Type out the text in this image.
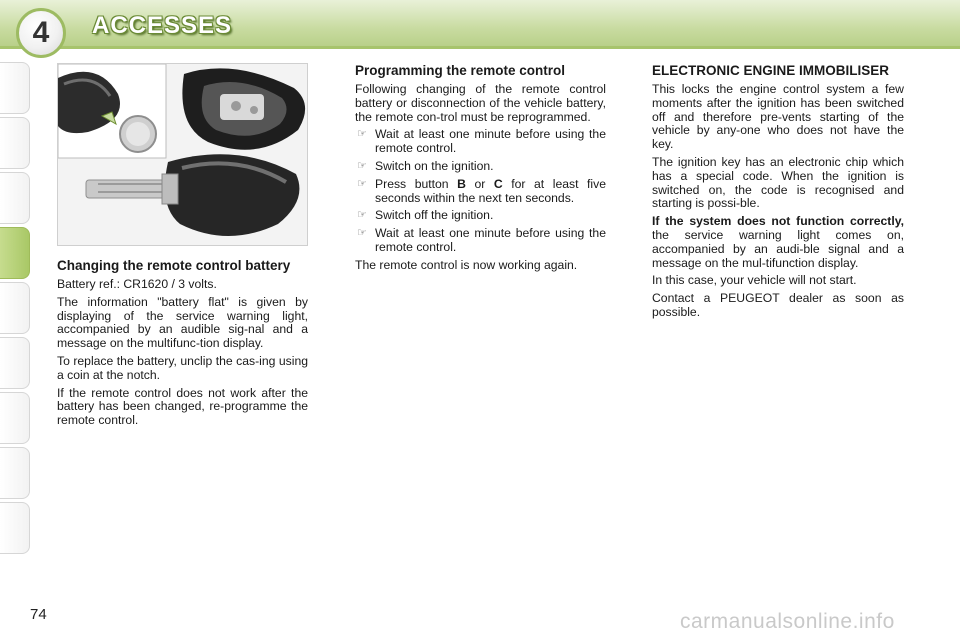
4	ACCESSES
Changing the remote control battery

Battery ref.: CR1620 / 3 volts.

The information "battery flat" is given by displaying of the service warning light, accompanied by an audible sig-nal and a message on the multifunc-tion display.

To replace the battery, unclip the cas-ing using a coin at the notch.

If the remote control does not work after the battery has been changed, re-programme the remote control.

Programming the remote control

Following changing of the remote control battery or disconnection of the vehicle battery, the remote con-trol must be reprogrammed.

☞ Wait at least one minute before using the remote control.
☞ Switch on the ignition.
☞ Press button B or C for at least five seconds within the next ten seconds.
☞ Switch off the ignition.
☞ Wait at least one minute before using the remote control.

The remote control is now working again.

ELECTRONIC ENGINE IMMOBILISER

This locks the engine control system a few moments after the ignition has been switched off and therefore pre-vents starting of the vehicle by any-one who does not have the key.

The ignition key has an electronic chip which has a special code. When the ignition is switched on, the code is recognised and starting is possi-ble.

If the system does not function correctly, the service warning light comes on, accompanied by an audi-ble signal and a message on the mul-tifunction display.

In this case, your vehicle will not start.

Contact a PEUGEOT dealer as soon as possible.

74	carmanualsonline.info
